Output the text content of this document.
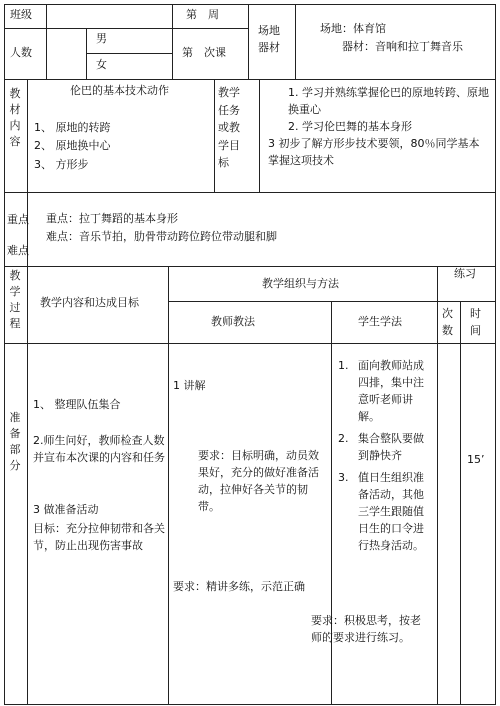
班级	第　周
人数
男
女
第　次课
场地器材
场地：体育馆
器材：音响和拉丁舞音乐
教材内容
伦巴的基本技术动作
1、 原地的转跨
2、 原地换中心
3、 方形步
教学任务或教学目标
1. 学习并熟练掌握伦巴的原地转跨、原地换重心
2. 学习伦巴舞的基本身形
3 初步了解方形步技术要领，80％同学基本掌握这项技术
重点
难点
重点：拉丁舞蹈的基本身形
难点：音乐节拍，肋骨带动跨位跨位带动腿和脚
教学过程
教学内容和达成目标
教学组织与方法
教师教法	学生学法
练习
次数
时间
准备部分
1、 整理队伍集合
2.师生问好，教师检查人数并宣布本次课的内容和任务
3 做准备活动
目标：充分拉伸韧带和各关节，防止出现伤害事故
1 讲解
要求：目标明确，动员效果好，充分的做好准备活动，拉伸好各关节的韧带。
要求：精讲多练，示范正确
1. 面向教师站成四排，集中注意听老师讲解。
2. 集合整队要做到静快齐
3. 值日生组织准备活动，其他三学生跟随值日生的口令进行热身活动。
要求：积极思考，按老师的要求进行练习。
15’
